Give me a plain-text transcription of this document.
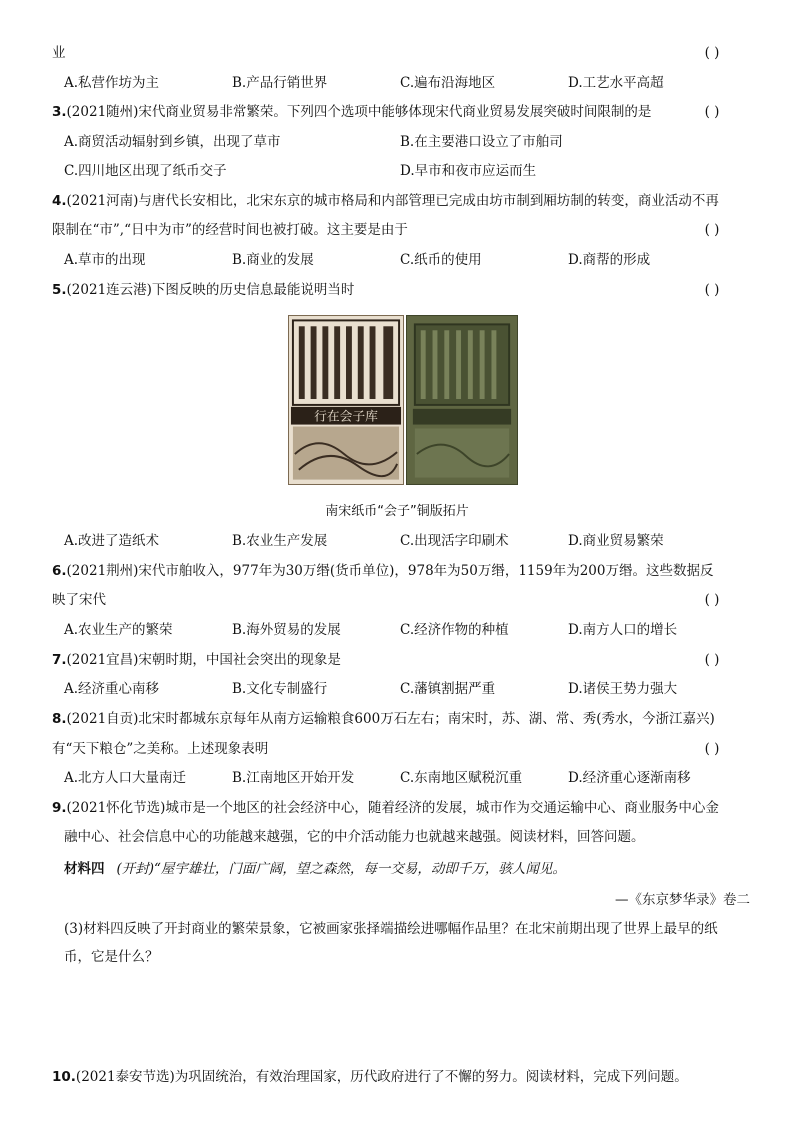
业	( )
A.私营作坊为主	B.产品行销世界	C.遍布沿海地区	D.工艺水平高超
3.(2021随州)宋代商业贸易非常繁荣。下列四个选项中能够体现宋代商业贸易发展突破时间限制的是	( )
A.商贸活动辐射到乡镇，出现了草市	B.在主要港口设立了市舶司
C.四川地区出现了纸币交子	D.早市和夜市应运而生
4.(2021河南)与唐代长安相比，北宋东京的城市格局和内部管理已完成由坊市制到厢坊制的转变，商业活动不再
限制在“市”,“日中为市”的经营时间也被打破。这主要是由于	( )
A.草市的出现	B.商业的发展	C.纸币的使用	D.商帮的形成
5.(2021连云港)下图反映的历史信息最能说明当时	( )
行在会子库
南宋纸币“会子”铜版拓片
A.改进了造纸术	B.农业生产发展	C.出现活字印刷术	D.商业贸易繁荣
6.(2021荆州)宋代市舶收入，977年为30万缗(货币单位)，978年为50万缗，1159年为200万缗。这些数据反
映了宋代	( )
A.农业生产的繁荣	B.海外贸易的发展	C.经济作物的种植	D.南方人口的增长
7.(2021宜昌)宋朝时期，中国社会突出的现象是	( )
A.经济重心南移	B.文化专制盛行	C.藩镇割据严重	D.诸侯王势力强大
8.(2021自贡)北宋时都城东京每年从南方运输粮食600万石左右；南宋时，苏、湖、常、秀(秀水，今浙江嘉兴)
有“天下粮仓”之美称。上述现象表明	( )
A.北方人口大量南迁	B.江南地区开始开发	C.东南地区赋税沉重	D.经济重心逐渐南移
9.(2021怀化节选)城市是一个地区的社会经济中心，随着经济的发展，城市作为交通运输中心、商业服务中心金
融中心、社会信息中心的功能越来越强，它的中介活动能力也就越来越强。阅读材料，回答问题。
材料四 (开封)“屋宇雄壮，门面广阔，望之森然，每一交易，动即千万，骇人闻见。
—《东京梦华录》卷二
(3)材料四反映了开封商业的繁荣景象，它被画家张择端描绘进哪幅作品里？在北宋前期出现了世界上最早的纸
币，它是什么？
10.(2021泰安节选)为巩固统治，有效治理国家，历代政府进行了不懈的努力。阅读材料，完成下列问题。
